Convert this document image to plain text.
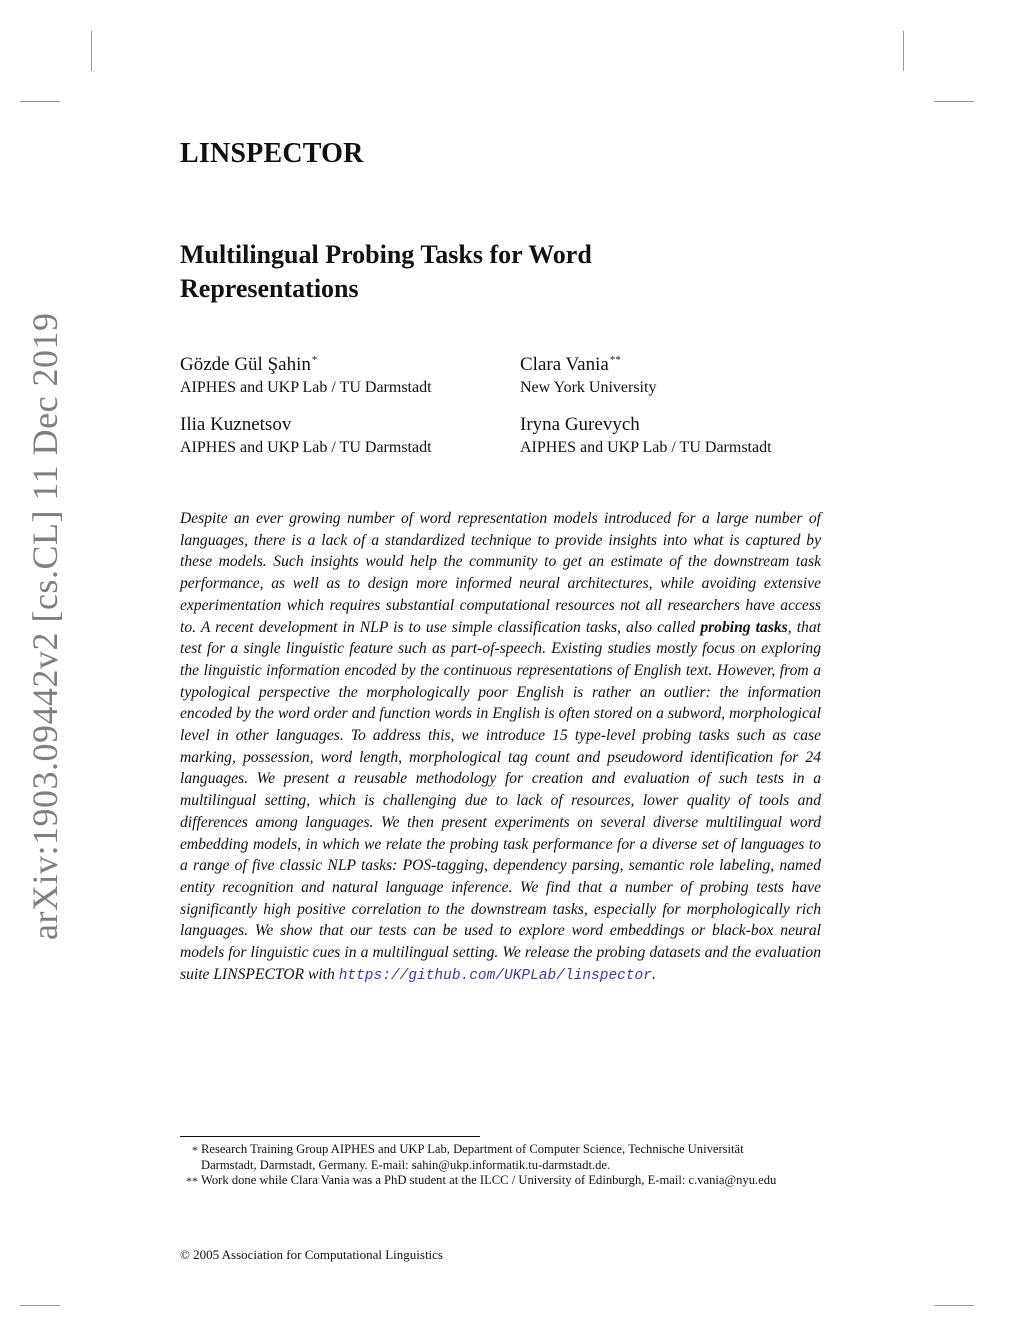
arXiv:1903.09442v2 [cs.CL] 11 Dec 2019
LINSPECTOR
Multilingual Probing Tasks for Word
Representations
Gözde Gül Şahin*
AIPHES and UKP Lab / TU Darmstadt
Clara Vania**
New York University
Ilia Kuznetsov
AIPHES and UKP Lab / TU Darmstadt
Iryna Gurevych
AIPHES and UKP Lab / TU Darmstadt
Despite an ever growing number of word representation models introduced for a large number of languages, there is a lack of a standardized technique to provide insights into what is captured by these models. Such insights would help the community to get an estimate of the downstream task performance, as well as to design more informed neural architectures, while avoiding extensive experimentation which requires substantial computational resources not all researchers have access to. A recent development in NLP is to use simple classification tasks, also called probing tasks, that test for a single linguistic feature such as part-of-speech. Existing studies mostly focus on exploring the linguistic information encoded by the continuous representations of English text. However, from a typological perspective the morphologically poor English is rather an outlier: the information encoded by the word order and function words in English is often stored on a subword, morphological level in other languages. To address this, we introduce 15 type-level probing tasks such as case marking, possession, word length, morphological tag count and pseudoword identification for 24 languages. We present a reusable methodology for creation and evaluation of such tests in a multilingual setting, which is challenging due to lack of resources, lower quality of tools and differences among languages. We then present experiments on several diverse multilingual word embedding models, in which we relate the probing task performance for a diverse set of languages to a range of five classic NLP tasks: POS-tagging, dependency parsing, semantic role labeling, named entity recognition and natural language inference. We find that a number of probing tests have significantly high positive correlation to the downstream tasks, especially for morphologically rich languages. We show that our tests can be used to explore word embeddings or black-box neural models for linguistic cues in a multilingual setting. We release the probing datasets and the evaluation suite LINSPECTOR with https://github.com/UKPLab/linspector.
* Research Training Group AIPHES and UKP Lab, Department of Computer Science, Technische Universität Darmstadt, Darmstadt, Germany. E-mail: sahin@ukp.informatik.tu-darmstadt.de.
** Work done while Clara Vania was a PhD student at the ILCC / University of Edinburgh, E-mail: c.vania@nyu.edu
© 2005 Association for Computational Linguistics
